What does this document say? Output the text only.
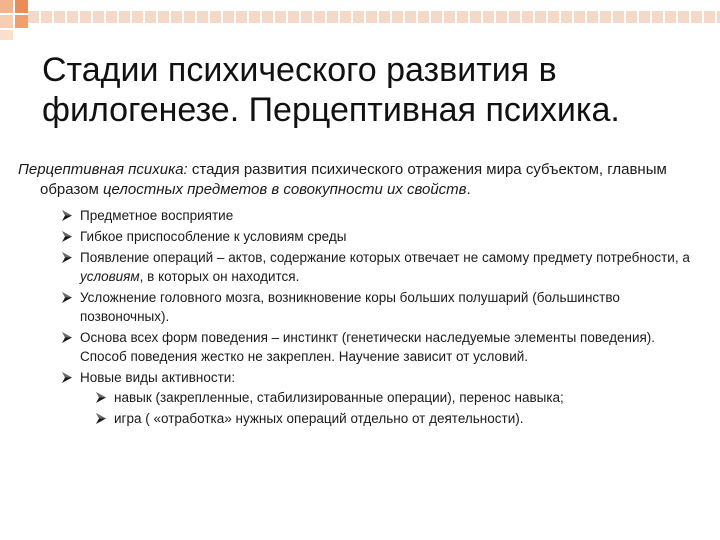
Стадии психического развития в
филогенезе. Перцептивная психика.

Перцептивная психика: стадия развития психического отражения мира субъектом, главным образом целостных предметов в совокупности их свойств.

Предметное восприятие
Гибкое приспособление к условиям среды
Появление операций – актов, содержание которых отвечает не самому предмету потребности, а условиям, в которых он находится.
Усложнение головного мозга, возникновение коры больших полушарий (большинство позвоночных).
Основа всех форм поведения – инстинкт (генетически наследуемые элементы поведения). Способ поведения жестко не закреплен. Научение зависит от условий.
Новые виды активности:
навык (закрепленные, стабилизированные операции), перенос навыка;
игра ( «отработка» нужных операций отдельно от деятельности).
